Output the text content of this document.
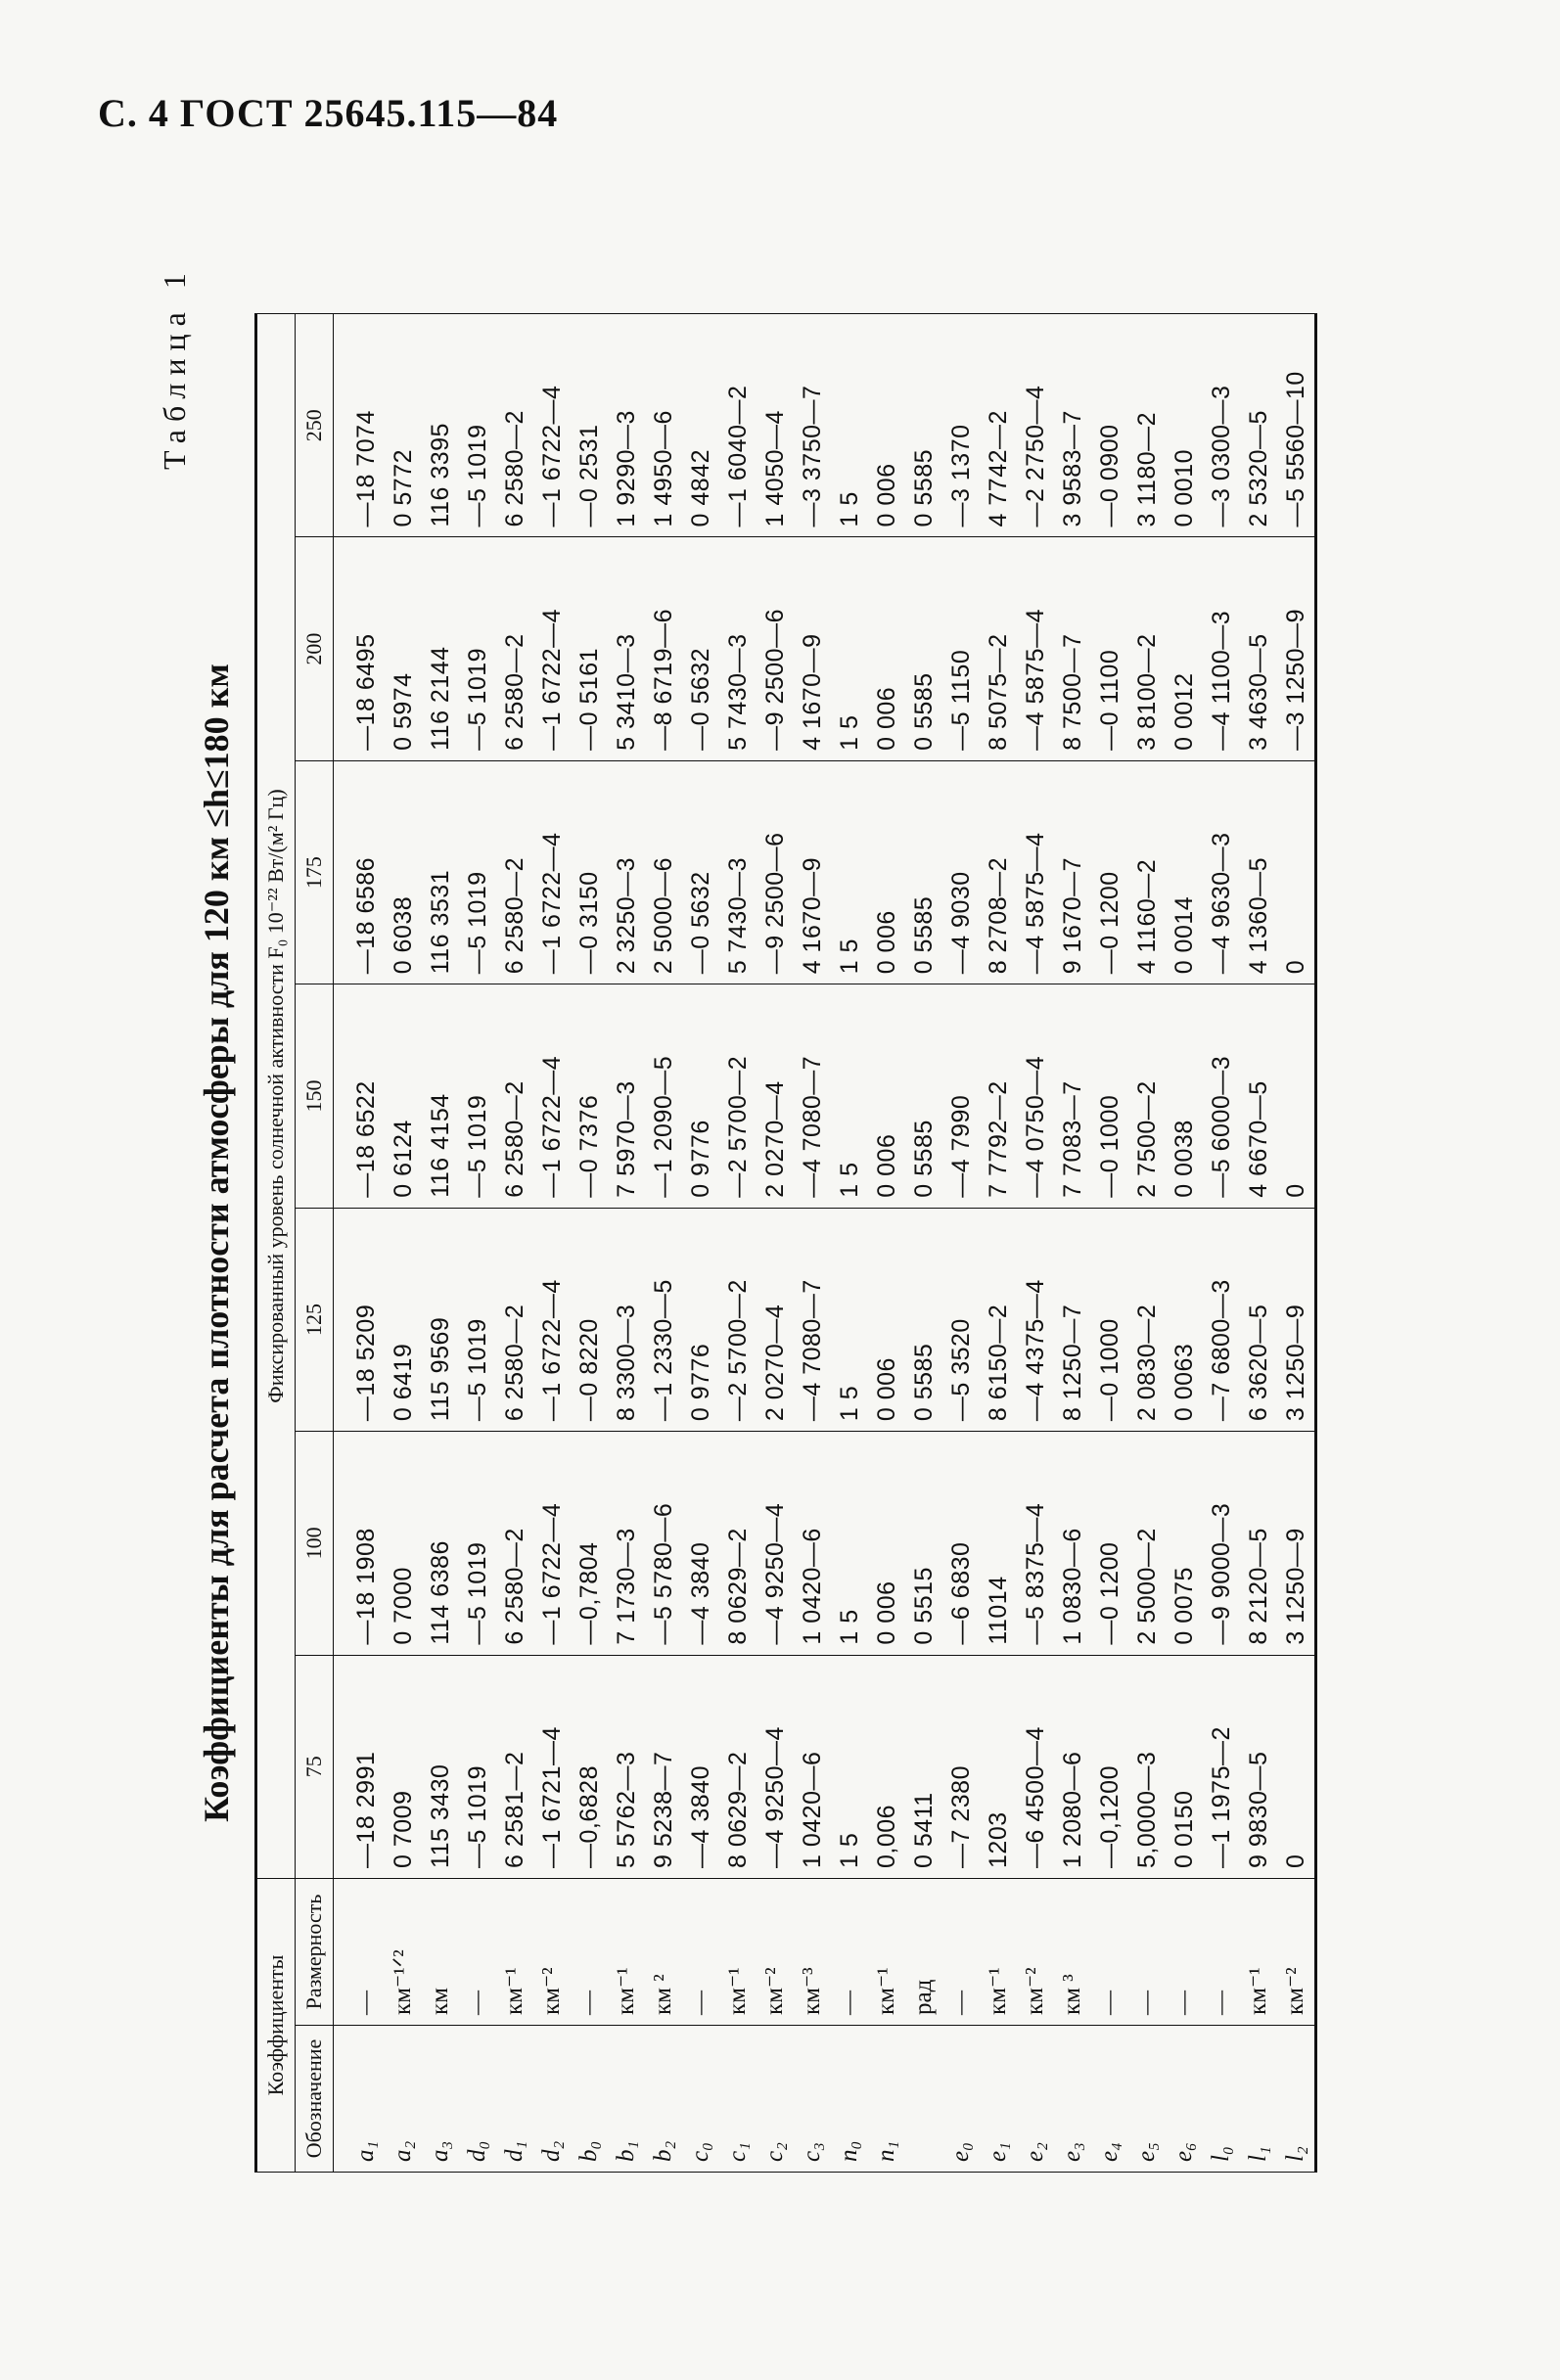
С. 4 ГОСТ 25645.115—84
Таблица 1
Коэффициенты для расчета плотности атмосферы для 120 км ≤h≤180 км
Коэффициенты		Фиксированный уровень солнечной активности F₀ 10⁻²² Вт/(м² Гц)						
Обозначение	Размерность	75	100	125	150	175	200	250
a₁	—	—18 2991	—18 1908	—18 5209	—18 6522	—18 6586	—18 6495	—18 7074
a₂	км⁻¹ᐟ²	0 7009	0 7000	0 6419	0 6124	0 6038	0 5974	0 5772
a₃	км	115 3430	114 6386	115 9569	116 4154	116 3531	116 2144	116 3395
d₀	—	—5 1019	—5 1019	—5 1019	—5 1019	—5 1019	—5 1019	—5 1019
d₁	км⁻¹	6 2581—2	6 2580—2	6 2580—2	6 2580—2	6 2580—2	6 2580—2	6 2580—2
d₂	км⁻²	—1 6721—4	—1 6722—4	—1 6722—4	—1 6722—4	—1 6722—4	—1 6722—4	—1 6722—4
b₀	—	—0,6828	—0,7804	—0 8220	—0 7376	—0 3150	—0 5161	—0 2531
b₁	км⁻¹	5 5762—3	7 1730—3	8 3300—3	7 5970—3	2 3250—3	5 3410—3	1 9290—3
b₂	км ²	9 5238—7	—5 5780—6	—1 2330—5	—1 2090—5	2 5000—6	—8 6719—6	1 4950—6
c₀	—	—4 3840	—4 3840	0 9776	0 9776	—0 5632	—0 5632	0 4842
c₁	км⁻¹	8 0629—2	8 0629—2	—2 5700—2	—2 5700—2	5 7430—3	5 7430—3	—1 6040—2
c₂	км⁻²	—4 9250—4	—4 9250—4	2 0270—4	2 0270—4	—9 2500—6	—9 2500—6	1 4050—4
c₃	км⁻³	1 0420—6	1 0420—6	—4 7080—7	—4 7080—7	4 1670—9	4 1670—9	—3 3750—7
n₀	—	1 5	1 5	1 5	1 5	1 5	1 5	1 5
n₁	км⁻¹	0,006	0 006	0 006	0 006	0 006	0 006	0 006
	рад	0 5411	0 5515	0 5585	0 5585	0 5585	0 5585	0 5585
e₀	—	—7 2380	—6 6830	—5 3520	—4 7990	—4 9030	—5 1150	—3 1370
e₁	км⁻¹	1203	11014	8 6150—2	7 7792—2	8 2708—2	8 5075—2	4 7742—2
e₂	км⁻²	—6 4500—4	—5 8375—4	—4 4375—4	—4 0750—4	—4 5875—4	—4 5875—4	—2 2750—4
e₃	км ³	1 2080—6	1 0830—6	8 1250—7	7 7083—7	9 1670—7	8 7500—7	3 9583—7
e₄	—	—0,1200	—0 1200	—0 1000	—0 1000	—0 1200	—0 1100	—0 0900
e₅	—	5,0000—3	2 5000—2	2 0830—2	2 7500—2	4 1160—2	3 8100—2	3 1180—2
e₆	—	0 0150	0 0075	0 0063	0 0038	0 0014	0 0012	0 0010
l₀	—	—1 1975—2	—9 9000—3	—7 6800—3	—5 6000—3	—4 9630—3	—4 1100—3	—3 0300—3
l₁	км⁻¹	9 9830—5	8 2120—5	6 3620—5	4 6670—5	4 1360—5	3 4630—5	2 5320—5
l₂	км⁻²	0	3 1250—9	3 1250—9	0	0	—3 1250—9	—5 5560—10
